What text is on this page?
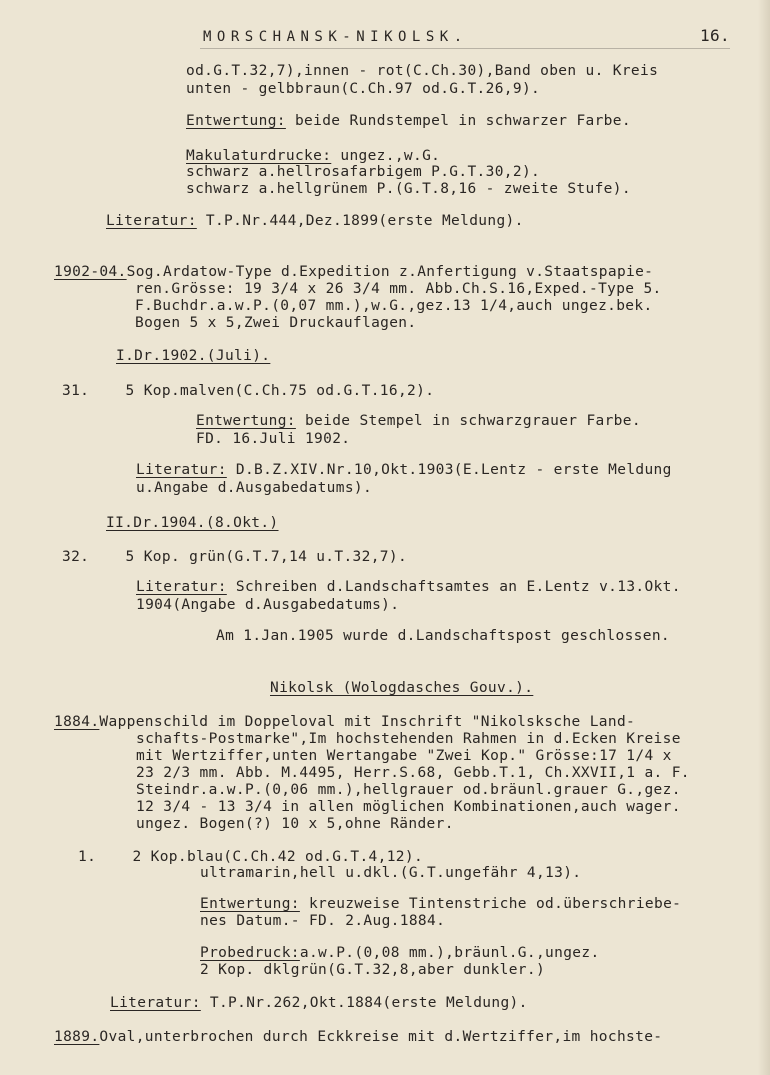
MORSCHANSK-NIKOLSK.	16.
od.G.T.32,7),innen - rot(C.Ch.30),Band oben u. Kreis
unten - gelbbraun(C.Ch.97 od.G.T.26,9).
Entwertung: beide Rundstempel in schwarzer Farbe.
Makulaturdrucke: ungez.,w.G.
schwarz a.hellrosafarbigem P.G.T.30,2).
schwarz a.hellgrünem P.(G.T.8,16 - zweite Stufe).
Literatur: T.P.Nr.444,Dez.1899(erste Meldung).
1902-04.Sog.Ardatow-Type d.Expedition z.Anfertigung v.Staatspapie-
ren.Grösse: 19 3/4 x 26 3/4 mm. Abb.Ch.S.16,Exped.-Type 5.
F.Buchdr.a.w.P.(0,07 mm.),w.G.,gez.13 1/4,auch ungez.bek.
Bogen 5 x 5,Zwei Druckauflagen.
I.Dr.1902.(Juli).
31.    5 Kop.malven(C.Ch.75 od.G.T.16,2).
Entwertung: beide Stempel in schwarzgrauer Farbe.
FD. 16.Juli 1902.
Literatur: D.B.Z.XIV.Nr.10,Okt.1903(E.Lentz - erste Meldung
u.Angabe d.Ausgabedatums).
II.Dr.1904.(8.Okt.)
32.    5 Kop. grün(G.T.7,14 u.T.32,7).
Literatur: Schreiben d.Landschaftsamtes an E.Lentz v.13.Okt.
1904(Angabe d.Ausgabedatums).
Am 1.Jan.1905 wurde d.Landschaftspost geschlossen.
Nikolsk (Wologdasches Gouv.).
1884.Wappenschild im Doppeloval mit Inschrift "Nikolsksche Land-
schafts-Postmarke",Im hochstehenden Rahmen in d.Ecken Kreise
mit Wertziffer,unten Wertangabe "Zwei Kop." Grösse:17 1/4 x
23 2/3 mm. Abb. M.4495, Herr.S.68, Gebb.T.1, Ch.XXVII,1 a. F.
Steindr.a.w.P.(0,06 mm.),hellgrauer od.bräunl.grauer G.,gez.
12 3/4 - 13 3/4 in allen möglichen Kombinationen,auch wager.
ungez. Bogen(?) 10 x 5,ohne Ränder.
1.    2 Kop.blau(C.Ch.42 od.G.T.4,12).
ultramarin,hell u.dkl.(G.T.ungefähr 4,13).
Entwertung: kreuzweise Tintenstriche od.überschriebe-
nes Datum.- FD. 2.Aug.1884.
Probedruck:a.w.P.(0,08 mm.),bräunl.G.,ungez.
2 Kop. dklgrün(G.T.32,8,aber dunkler.)
Literatur: T.P.Nr.262,Okt.1884(erste Meldung).
1889.Oval,unterbrochen durch Eckkreise mit d.Wertziffer,im hochste-
